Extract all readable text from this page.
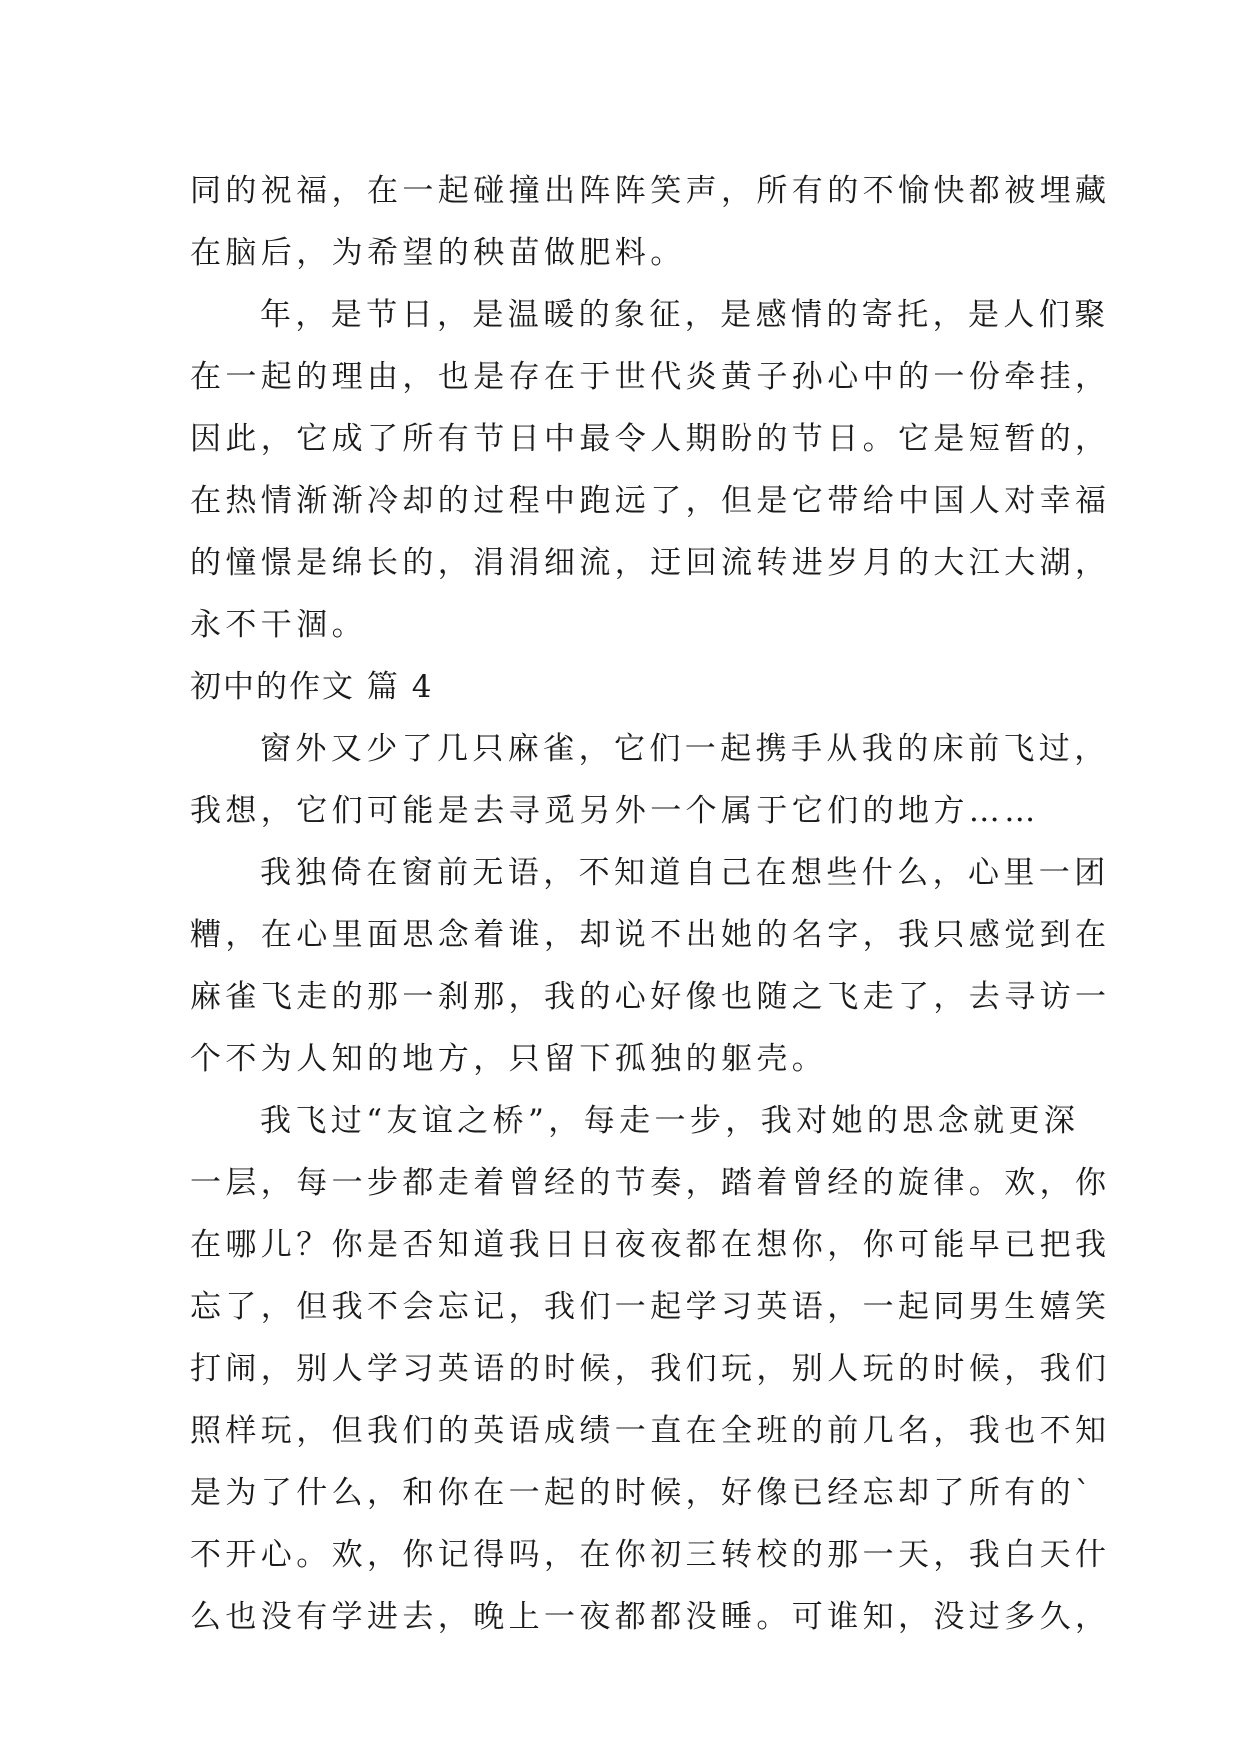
同的祝福，在一起碰撞出阵阵笑声，所有的不愉快都被埋藏
在脑后，为希望的秧苗做肥料。
年，是节日，是温暖的象征，是感情的寄托，是人们聚
在一起的理由，也是存在于世代炎黄子孙心中的一份牵挂，
因此，它成了所有节日中最令人期盼的节日。它是短暂的，
在热情渐渐冷却的过程中跑远了，但是它带给中国人对幸福
的憧憬是绵长的，涓涓细流，迂回流转进岁月的大江大湖，
永不干涸。
初中的作文 篇 4
窗外又少了几只麻雀，它们一起携手从我的床前飞过，
我想，它们可能是去寻觅另外一个属于它们的地方……
我独倚在窗前无语，不知道自己在想些什么，心里一团
糟，在心里面思念着谁，却说不出她的名字，我只感觉到在
麻雀飞走的那一刹那，我的心好像也随之飞走了，去寻访一
个不为人知的地方，只留下孤独的躯壳。
我飞过“友谊之桥”，每走一步，我对她的思念就更深
一层，每一步都走着曾经的节奏，踏着曾经的旋律。欢，你
在哪儿？你是否知道我日日夜夜都在想你，你可能早已把我
忘了，但我不会忘记，我们一起学习英语，一起同男生嬉笑
打闹，别人学习英语的时候，我们玩，别人玩的时候，我们
照样玩，但我们的英语成绩一直在全班的前几名，我也不知
是为了什么，和你在一起的时候，好像已经忘却了所有的`
不开心。欢，你记得吗，在你初三转校的那一天，我白天什
么也没有学进去，晚上一夜都都没睡。可谁知，没过多久，
